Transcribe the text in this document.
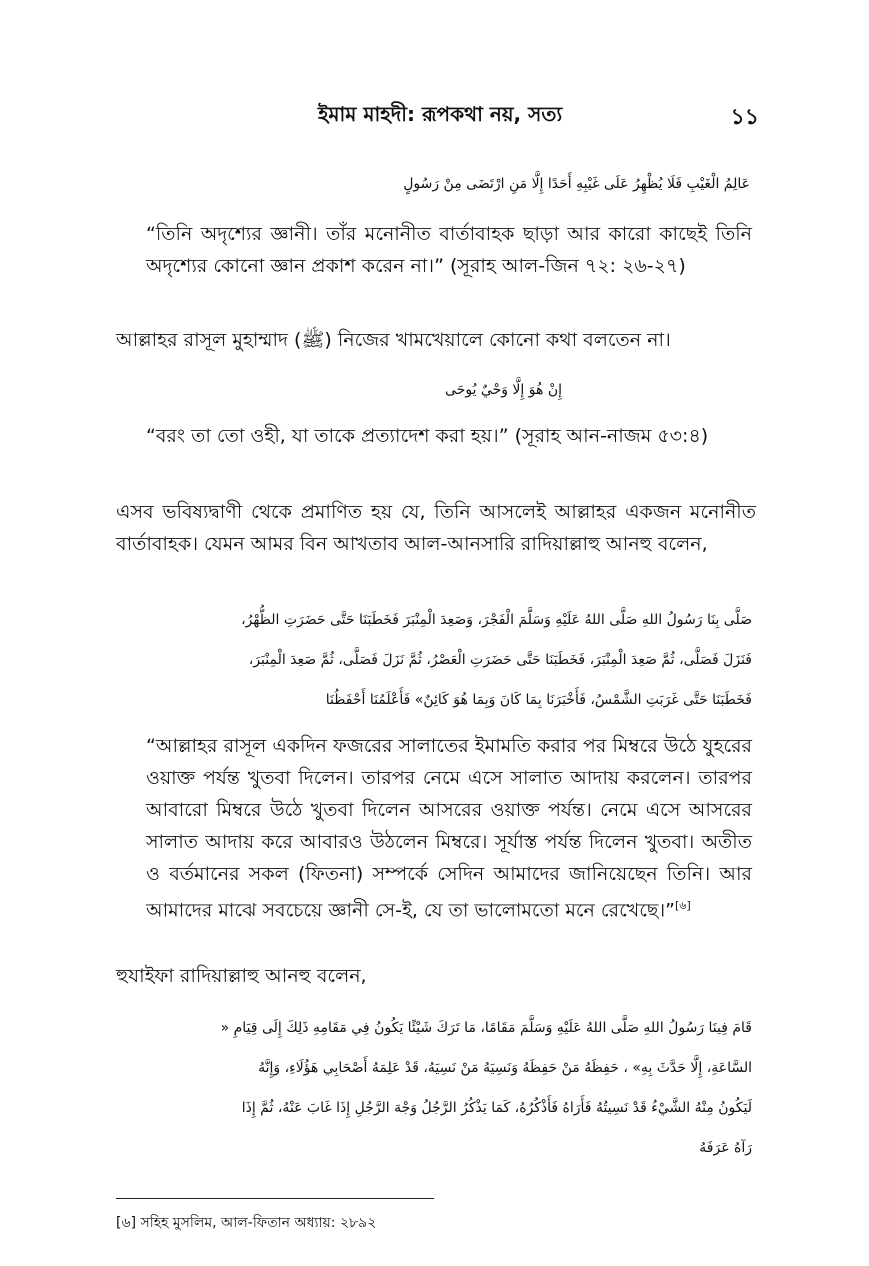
ইমাম মাহদী: রূপকথা নয়, সত্য	১১
عَالِمُ الْغَيْبِ فَلَا يُظْهِرُ عَلَى غَيْبِهِ أَحَدًا إِلَّا مَنِ ارْتَضَى مِنْ رَسُولٍ
“তিনি অদৃশ্যের জ্ঞানী। তাঁর মনোনীত বার্তাবাহক ছাড়া আর কারো কাছেই তিনি অদৃশ্যের কোনো জ্ঞান প্রকাশ করেন না।” (সূরাহ আল-জিন ৭২: ২৬-২৭)
আল্লাহর রাসূল মুহাম্মাদ (ﷺ) নিজের খামখেয়ালে কোনো কথা বলতেন না।
إِنْ هُوَ إِلَّا وَحْيٌ يُوحَى
“বরং তা তো ওহী, যা তাকে প্রত্যাদেশ করা হয়।” (সূরাহ আন-নাজম ৫৩:৪)
এসব ভবিষ্যদ্বাণী থেকে প্রমাণিত হয় যে, তিনি আসলেই আল্লাহর একজন মনোনীত বার্তাবাহক। যেমন আমর বিন আখতাব আল-আনসারি রাদিয়াল্লাহু আনহু বলেন,
صَلَّى بِنَا رَسُولُ اللهِ صَلَّى اللهُ عَلَيْهِ وَسَلَّمَ الْفَجْرَ، وَصَعِدَ الْمِنْبَرَ فَخَطَبَنَا حَتَّى حَضَرَتِ الظُّهْرُ،
فَنَزَلَ فَصَلَّى، ثُمَّ صَعِدَ الْمِنْبَرَ، فَخَطَبَنَا حَتَّى حَضَرَتِ الْعَصْرُ، ثُمَّ نَزَلَ فَصَلَّى، ثُمَّ صَعِدَ الْمِنْبَرَ،
فَخَطَبَنَا حَتَّى غَرَبَتِ الشَّمْسُ، فَأَخْبَرَنَا بِمَا كَانَ وَبِمَا هُوَ كَائِنٌ» فَأَعْلَمُنَا أَحْفَظُنَا
“আল্লাহর রাসূল একদিন ফজরের সালাতের ইমামতি করার পর মিম্বরে উঠে যুহরের ওয়াক্ত পর্যন্ত খুতবা দিলেন। তারপর নেমে এসে সালাত আদায় করলেন। তারপর আবারো মিম্বরে উঠে খুতবা দিলেন আসরের ওয়াক্ত পর্যন্ত। নেমে এসে আসরের সালাত আদায় করে আবারও উঠলেন মিম্বরে। সূর্যাস্ত পর্যন্ত দিলেন খুতবা। অতীত ও বর্তমানের সকল (ফিতনা) সম্পর্কে সেদিন আমাদের জানিয়েছেন তিনি। আর আমাদের মাঝে সবচেয়ে জ্ঞানী সে-ই, যে তা ভালোমতো মনে রেখেছে।”[৬]
হুযাইফা রাদিয়াল্লাহু আনহু বলেন,
قَامَ فِينَا رَسُولُ اللهِ صَلَّى اللهُ عَلَيْهِ وَسَلَّمَ مَقَامًا، مَا تَرَكَ شَيْئًا يَكُونُ فِي مَقَامِهِ ذَلِكَ إِلَى قِيَامِ «
السَّاعَةِ، إِلَّا حَدَّثَ بِهِ» ، حَفِظَهُ مَنْ حَفِظَهُ وَنَسِيَهُ مَنْ نَسِيَهُ، قَدْ عَلِمَهُ أَصْحَابِي هَؤُلَاءِ، وَإِنَّهُ
لَيَكُونُ مِنْهُ الشَّيْءُ قَدْ نَسِيتُهُ فَأَرَاهُ فَأَذْكُرُهُ، كَمَا يَذْكُرُ الرَّجُلُ وَجْهَ الرَّجُلِ إِذَا غَابَ عَنْهُ، ثُمَّ إِذَا
رَآهُ عَرَفَهُ
[৬] সহিহ মুসলিম, আল-ফিতান অধ্যায়: ২৮৯২
